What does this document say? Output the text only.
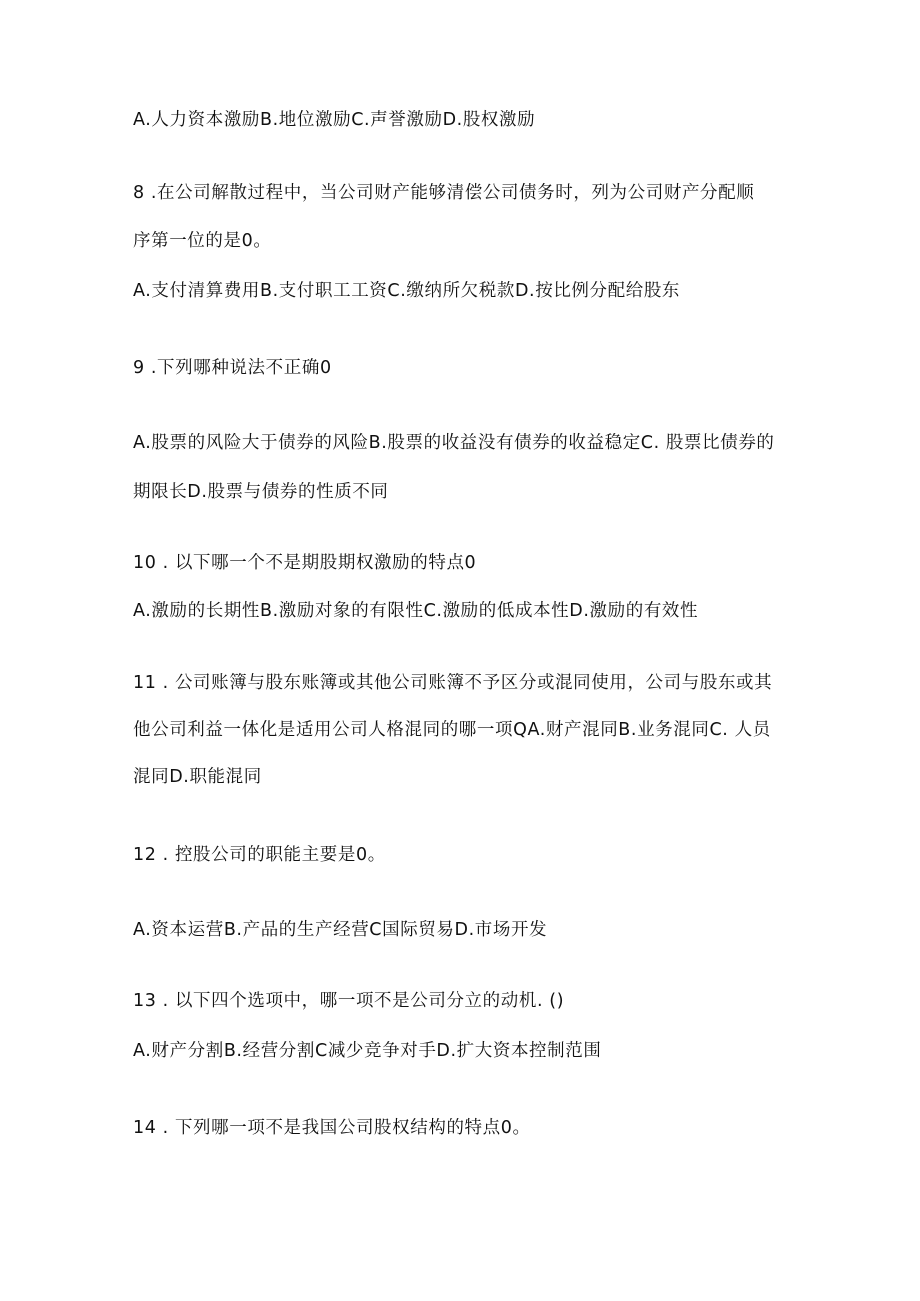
A.人力资本激励B.地位激励C.声誉激励D.股权激励
8 .在公司解散过程中，当公司财产能够清偿公司债务时，列为公司财产分配顺
序第一位的是0。
A.支付清算费用B.支付职工工资C.缴纳所欠税款D.按比例分配给股东
9 .下列哪种说法不正确0
A.股票的风险大于债券的风险B.股票的收益没有债券的收益稳定C. 股票比债券的
期限长D.股票与债券的性质不同
10 . 以下哪一个不是期股期权激励的特点0
A.激励的长期性B.激励对象的有限性C.激励的低成本性D.激励的有效性
11 . 公司账簿与股东账簿或其他公司账簿不予区分或混同使用，公司与股东或其
他公司利益一体化是适用公司人格混同的哪一项QA.财产混同B.业务混同C. 人员
混同D.职能混同
12 . 控股公司的职能主要是0。
A.资本运营B.产品的生产经营C国际贸易D.市场开发
13 . 以下四个选项中，哪一项不是公司分立的动机. ()
A.财产分割B.经营分割C减少竞争对手D.扩大资本控制范围
14 . 下列哪一项不是我国公司股权结构的特点0。
